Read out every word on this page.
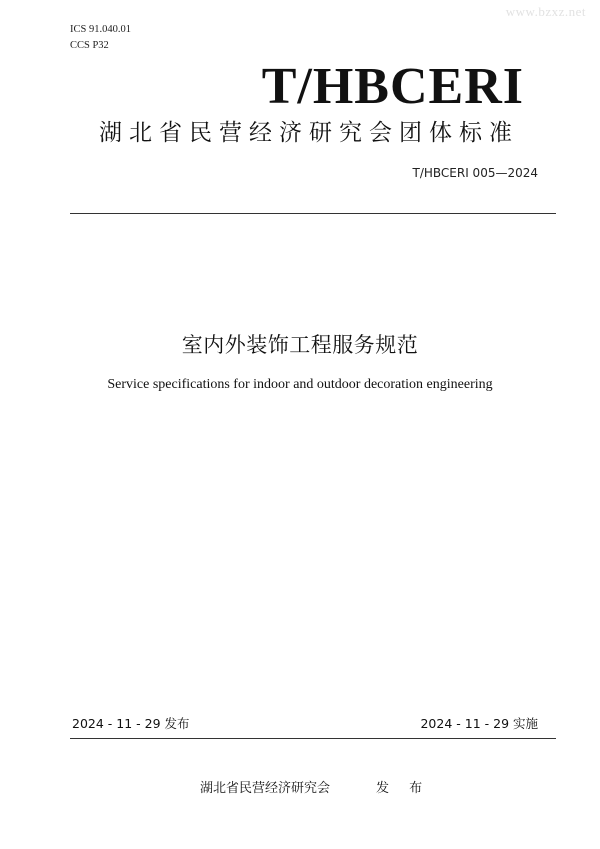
www.bzxz.net
ICS 91.040.01
CCS P32
T/HBCERI
湖北省民营经济研究会团体标准
T/HBCERI 005—2024
室内外装饰工程服务规范
Service specifications for indoor and outdoor decoration engineering
2024 - 11 - 29 发布	2024 - 11 - 29 实施
湖北省民营经济研究会	发 布
